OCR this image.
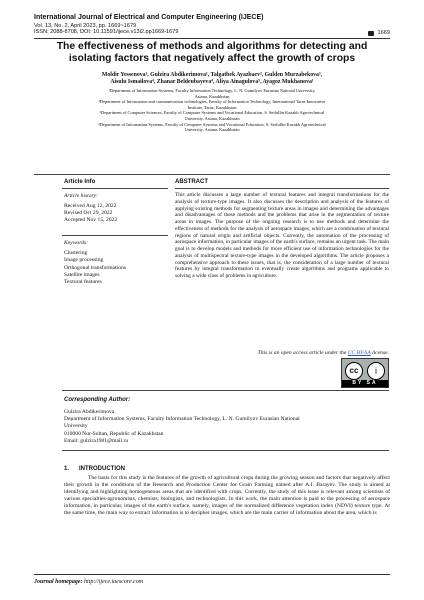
International Journal of Electrical and Computer Engineering (IJECE)
Vol. 13, No. 2, April 2023, pp. 1669~1679
ISSN: 2088-8708, DOI: 10.11591/ijece.v13i2.pp1669-1679	1669
The effectiveness of methods and algorithms for detecting and
isolating factors that negatively affect the growth of crops
Moldir Yessenova¹, Gulzira Abdikerimova¹, Talgatbek Ayazbaev², Gulden Murzabekova³,
Aisulu Ismailova⁴, Zhanar Beldeubayeva⁴, Aliya Ainagulova⁵, Ayagoz Mukhanova¹
¹Department of Information Systems, Faculty Information Technology, L. N. Gumilyov Eurasian National University,
Astana, Kazakhstan
²Department of Information and communication technologies, Faculty of Information Technology, International Taraz Innovative
Institute, Taraz, Kazakhstan
³Department of Computer Sciences, Faculty of Computer Systems and Vocational Education, S. Seifullin Kazakh Agrotechnical
University, Astana, Kazakhstan
⁴Department of Information Systems, Faculty of Computer Systems and Vocational Education, S. Seifullin Kazakh Agrotechnical
University, Astana, Kazakhstan
Article Info	ABSTRACT
Article history:
Received Aug 12, 2022
Revised Oct 29, 2022
Accepted Nov 15, 2022
Keywords:
Clustering
Image processing
Orthogonal transformations
Satellite images
Textural features
This article discusses a large number of textural features and integral transformations for the analysis of texture-type images. It also discusses the description and analysis of the features of applying existing methods for segmenting texture areas in images and determining the advantages and disadvantages of these methods and the problems that arise in the segmentation of texture areas in images. The purpose of the ongoing research is to use methods and determine the effectiveness of methods for the analysis of aerospace images, which are a combination of textural regions of natural origin and artificial objects. Currently, the automation of the processing of aerospace information, in particular images of the earth's surface, remains an urgent task. The main goal is to develop models and methods for more efficient use of information technologies for the analysis of multispectral texture-type images in the developed algorithms. The article proposes a comprehensive approach to these issues, that is, the consideration of a large number of textural features by integral transformation to eventually create algorithms and programs applicable to solving a wide class of problems in agriculture.
This is an open access article under the CC BY-SA license.
cc	i
BY SA
Corresponding Author:
Gulzira Abdikerimova
Department of Information Systems, Faculty Information Technology, L. N. Gumilyov Eurasian National
University
010000 Nur-Sultan, Republic of Kazakhstan
Email: gulzira1981@mail.ru
1.      INTRODUCTION
The basis for this study is the features of the growth of agricultural crops during the growing season and factors that negatively affect their growth in the conditions of the Research and Production Center for Grain Farming named after A.I. Barayev. The study is aimed at identifying and highlighting homogeneous areas that are identified with crops. Currently, the study of this issue is relevant among scientists of various specialties-agronomists, chemists, biologists, and technologists. In this work, the main attention is paid to the processing of aerospace information, in particular, images of the earth's surface, namely, images of the normalized difference vegetation index (NDVI) texture type. At the same time, the main way to extract information is to decipher images, which are the main carrier of information about the area, which is
Journal homepage: http://ijece.iaescore.com
